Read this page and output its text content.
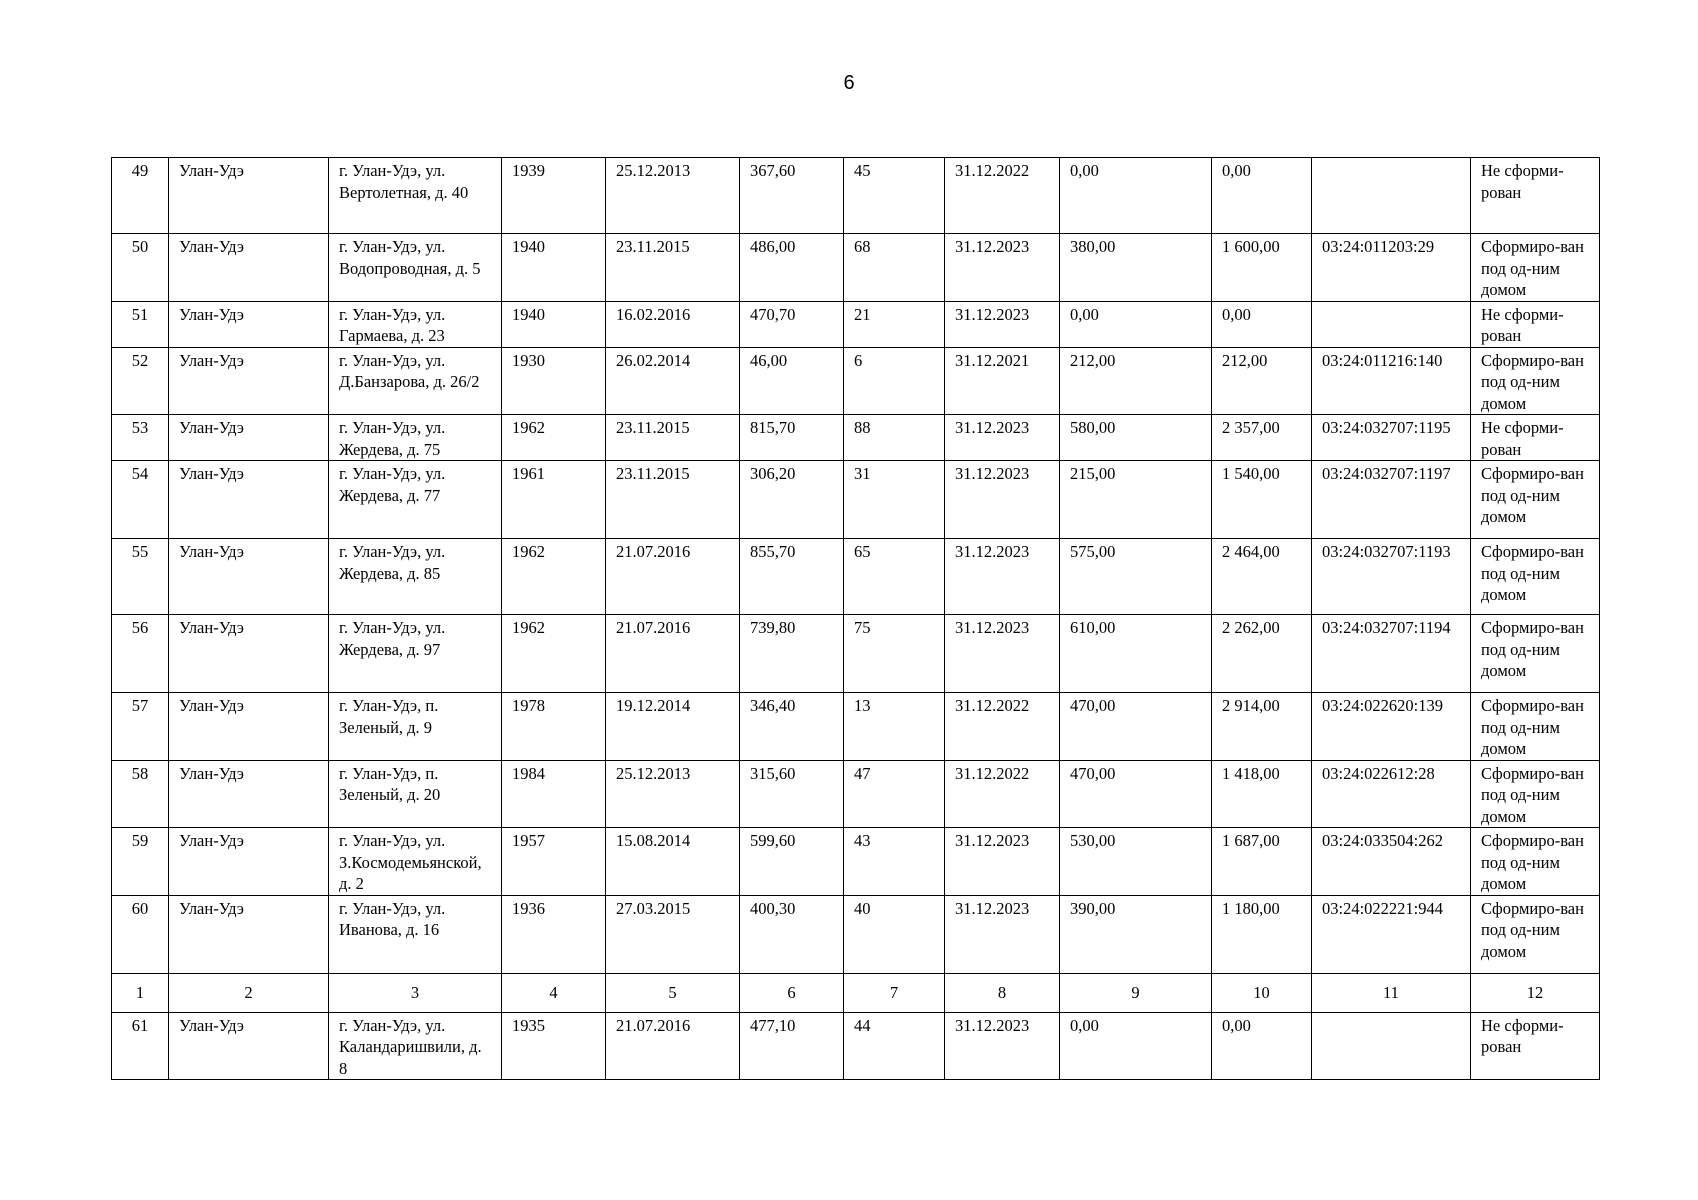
6
49	Улан-Удэ	г. Улан-Удэ, ул. Вертолетная, д. 40	1939	25.12.2013	367,60	45	31.12.2022	0,00	0,00		Не сформи-рован
50	Улан-Удэ	г. Улан-Удэ, ул. Водопроводная, д. 5	1940	23.11.2015	486,00	68	31.12.2023	380,00	1 600,00	03:24:011203:29	Сформиро-ван под од-ним домом
51	Улан-Удэ	г. Улан-Удэ, ул. Гармаева, д. 23	1940	16.02.2016	470,70	21	31.12.2023	0,00	0,00		Не сформи-рован
52	Улан-Удэ	г. Улан-Удэ, ул. Д.Банзарова, д. 26/2	1930	26.02.2014	46,00	6	31.12.2021	212,00	212,00	03:24:011216:140	Сформиро-ван под од-ним домом
53	Улан-Удэ	г. Улан-Удэ, ул. Жердева, д. 75	1962	23.11.2015	815,70	88	31.12.2023	580,00	2 357,00	03:24:032707:1195	Не сформи-рован
54	Улан-Удэ	г. Улан-Удэ, ул. Жердева, д. 77	1961	23.11.2015	306,20	31	31.12.2023	215,00	1 540,00	03:24:032707:1197	Сформиро-ван под од-ним домом
55	Улан-Удэ	г. Улан-Удэ, ул. Жердева, д. 85	1962	21.07.2016	855,70	65	31.12.2023	575,00	2 464,00	03:24:032707:1193	Сформиро-ван под од-ним домом
56	Улан-Удэ	г. Улан-Удэ, ул. Жердева, д. 97	1962	21.07.2016	739,80	75	31.12.2023	610,00	2 262,00	03:24:032707:1194	Сформиро-ван под од-ним домом
57	Улан-Удэ	г. Улан-Удэ, п. Зеленый, д. 9	1978	19.12.2014	346,40	13	31.12.2022	470,00	2 914,00	03:24:022620:139	Сформиро-ван под од-ним домом
58	Улан-Удэ	г. Улан-Удэ, п. Зеленый, д. 20	1984	25.12.2013	315,60	47	31.12.2022	470,00	1 418,00	03:24:022612:28	Сформиро-ван под од-ним домом
59	Улан-Удэ	г. Улан-Удэ, ул. З.Космодемьянской, д. 2	1957	15.08.2014	599,60	43	31.12.2023	530,00	1 687,00	03:24:033504:262	Сформиро-ван под од-ним домом
60	Улан-Удэ	г. Улан-Удэ, ул. Иванова, д. 16	1936	27.03.2015	400,30	40	31.12.2023	390,00	1 180,00	03:24:022221:944	Сформиро-ван под од-ним домом
1	2	3	4	5	6	7	8	9	10	11	12
61	Улан-Удэ	г. Улан-Удэ, ул. Каландаришвили, д. 8	1935	21.07.2016	477,10	44	31.12.2023	0,00	0,00		Не сформи-рован
